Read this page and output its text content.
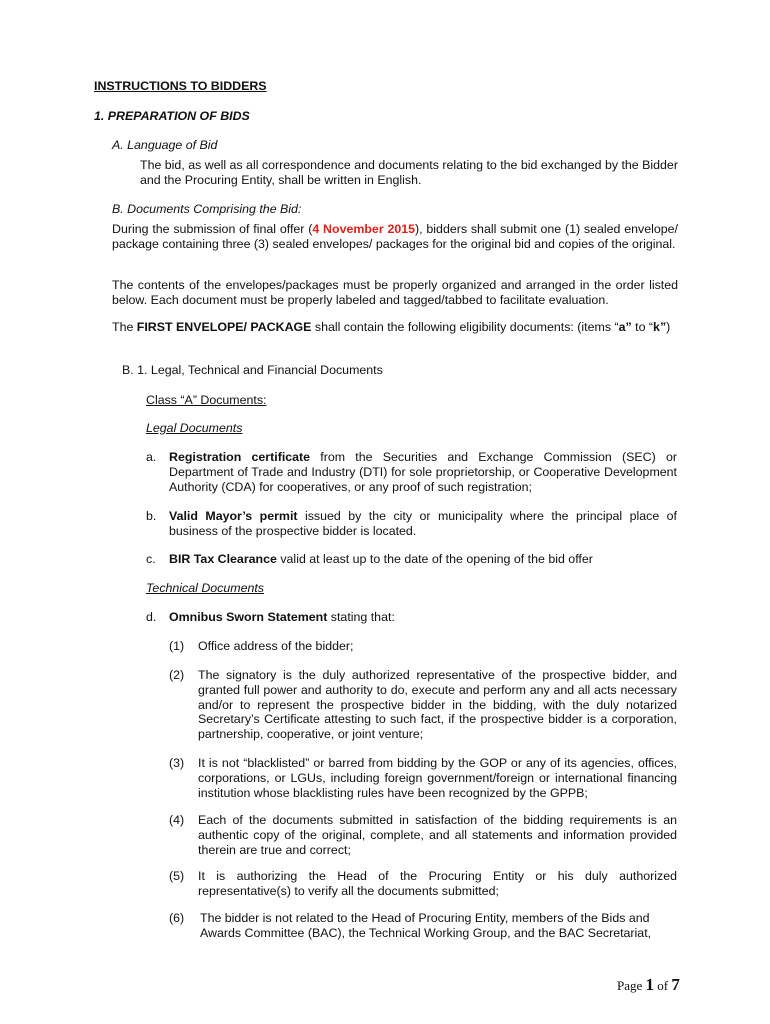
INSTRUCTIONS TO BIDDERS
1. PREPARATION OF BIDS
A. Language of Bid
The bid, as well as all correspondence and documents relating to the bid exchanged by the Bidder and the Procuring Entity, shall be written in English.
B. Documents Comprising the Bid:
During the submission of final offer (4 November 2015), bidders shall submit one (1) sealed envelope/ package containing three (3) sealed envelopes/ packages for the original bid and copies of the original.
The contents of the envelopes/packages must be properly organized and arranged in the order listed below. Each document must be properly labeled and tagged/tabbed to facilitate evaluation.
The FIRST ENVELOPE/ PACKAGE shall contain the following eligibility documents: (items “a” to “k”)
B. 1. Legal, Technical and Financial Documents
Class “A” Documents:
Legal Documents
a. Registration certificate from the Securities and Exchange Commission (SEC) or Department of Trade and Industry (DTI) for sole proprietorship, or Cooperative Development Authority (CDA) for cooperatives, or any proof of such registration;
b. Valid Mayor’s permit issued by the city or municipality where the principal place of business of the prospective bidder is located.
c. BIR Tax Clearance valid at least up to the date of the opening of the bid offer
Technical Documents
d. Omnibus Sworn Statement stating that:
(1) Office address of the bidder;
(2) The signatory is the duly authorized representative of the prospective bidder, and granted full power and authority to do, execute and perform any and all acts necessary and/or to represent the prospective bidder in the bidding, with the duly notarized Secretary’s Certificate attesting to such fact, if the prospective bidder is a corporation, partnership, cooperative, or joint venture;
(3) It is not “blacklisted” or barred from bidding by the GOP or any of its agencies, offices, corporations, or LGUs, including foreign government/foreign or international financing institution whose blacklisting rules have been recognized by the GPPB;
(4) Each of the documents submitted in satisfaction of the bidding requirements is an authentic copy of the original, complete, and all statements and information provided therein are true and correct;
(5) It is authorizing the Head of the Procuring Entity or his duly authorized representative(s) to verify all the documents submitted;
(6) The bidder is not related to the Head of Procuring Entity, members of the Bids and Awards Committee (BAC), the Technical Working Group, and the BAC Secretariat,
Page 1 of 7
